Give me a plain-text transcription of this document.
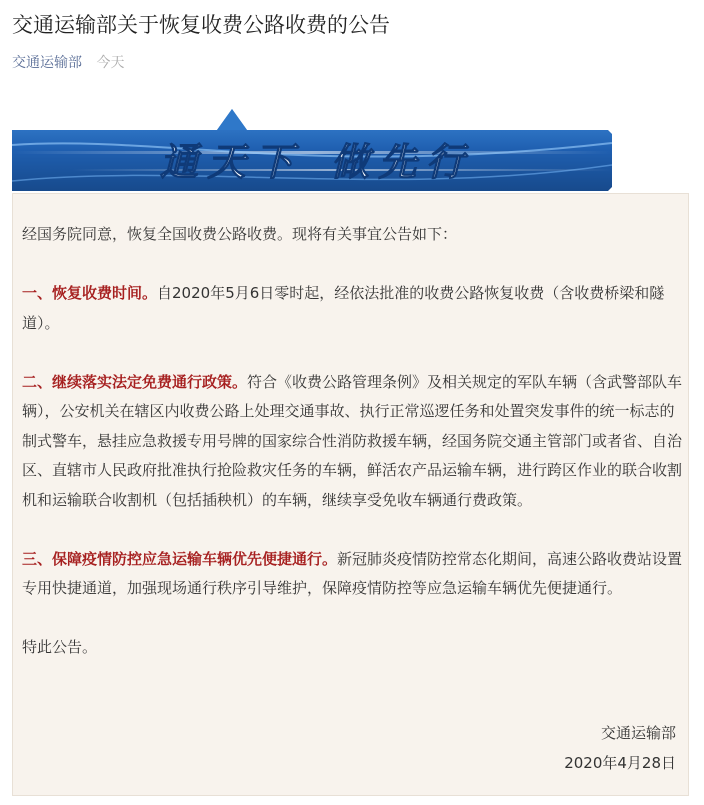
交通运输部关于恢复收费公路收费的公告
交通运输部 今天
通 天 下    做 先 行

经国务院同意，恢复全国收费公路收费。现将有关事宜公告如下：

一、恢复收费时间。自2020年5月6日零时起，经依法批准的收费公路恢复收费（含收费桥梁和隧道）。

二、继续落实法定免费通行政策。符合《收费公路管理条例》及相关规定的军队车辆（含武警部队车辆），公安机关在辖区内收费公路上处理交通事故、执行正常巡逻任务和处置突发事件的统一标志的制式警车，悬挂应急救援专用号牌的国家综合性消防救援车辆，经国务院交通主管部门或者省、自治区、直辖市人民政府批准执行抢险救灾任务的车辆，鲜活农产品运输车辆，进行跨区作业的联合收割机和运输联合收割机（包括插秧机）的车辆，继续享受免收车辆通行费政策。

三、保障疫情防控应急运输车辆优先便捷通行。新冠肺炎疫情防控常态化期间，高速公路收费站设置专用快捷通道，加强现场通行秩序引导维护，保障疫情防控等应急运输车辆优先便捷通行。

特此公告。

交通运输部
2020年4月28日
